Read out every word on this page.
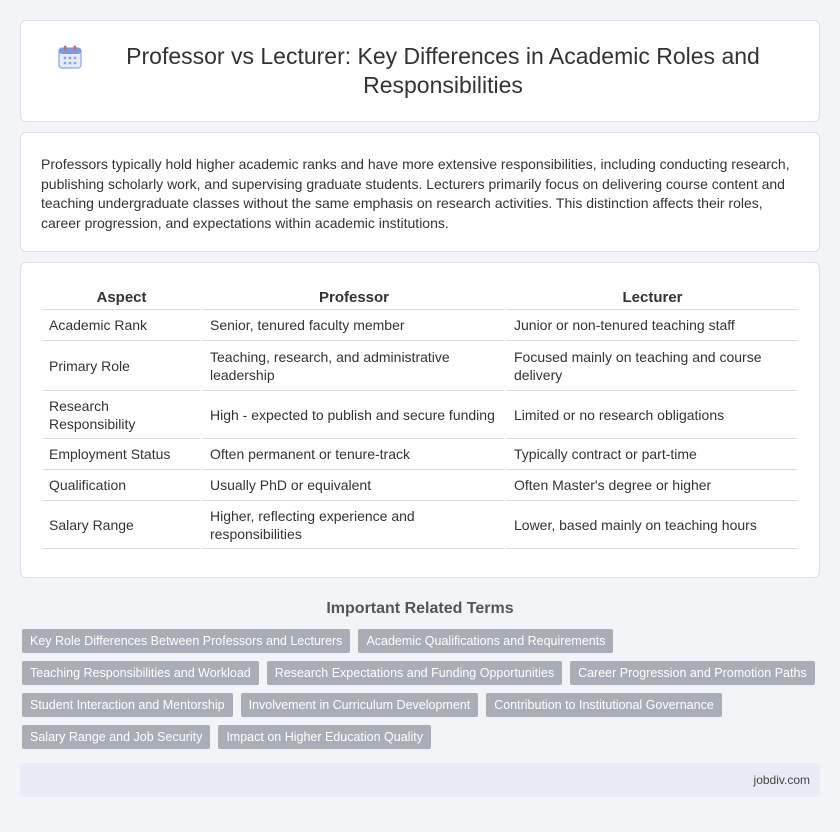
Professor vs Lecturer: Key Differences in Academic Roles and Responsibilities

Professors typically hold higher academic ranks and have more extensive responsibilities, including conducting research, publishing scholarly work, and supervising graduate students. Lecturers primarily focus on delivering course content and teaching undergraduate classes without the same emphasis on research activities. This distinction affects their roles, career progression, and expectations within academic institutions.

Aspect	Professor	Lecturer
Academic Rank	Senior, tenured faculty member	Junior or non-tenured teaching staff
Primary Role	Teaching, research, and administrative leadership	Focused mainly on teaching and course delivery
Research Responsibility	High - expected to publish and secure funding	Limited or no research obligations
Employment Status	Often permanent or tenure-track	Typically contract or part-time
Qualification	Usually PhD or equivalent	Often Master's degree or higher
Salary Range	Higher, reflecting experience and responsibilities	Lower, based mainly on teaching hours
Important Related Terms
Key Role Differences Between Professors and Lecturers	Academic Qualifications and Requirements
Teaching Responsibilities and Workload	Research Expectations and Funding Opportunities	Career Progression and Promotion Paths
Student Interaction and Mentorship	Involvement in Curriculum Development	Contribution to Institutional Governance
Salary Range and Job Security	Impact on Higher Education Quality
jobdiv.com
